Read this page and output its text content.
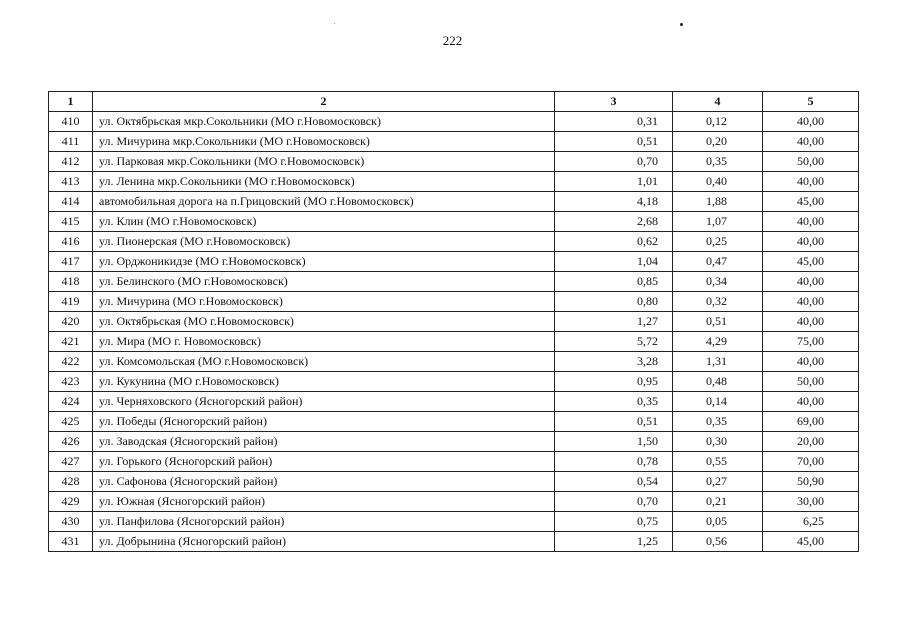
222
1	2	3	4	5
410	ул. Октябрьская мкр.Сокольники (МО г.Новомосковск)	0,31	0,12	40,00
411	ул. Мичурина мкр.Сокольники (МО г.Новомосковск)	0,51	0,20	40,00
412	ул. Парковая мкр.Сокольники (МО г.Новомосковск)	0,70	0,35	50,00
413	ул. Ленина мкр.Сокольники (МО г.Новомосковск)	1,01	0,40	40,00
414	автомобильная дорога на п.Грицовский (МО г.Новомосковск)	4,18	1,88	45,00
415	ул. Клин (МО г.Новомосковск)	2,68	1,07	40,00
416	ул. Пионерская (МО г.Новомосковск)	0,62	0,25	40,00
417	ул. Орджоникидзе (МО г.Новомосковск)	1,04	0,47	45,00
418	ул. Белинского (МО г.Новомосковск)	0,85	0,34	40,00
419	ул. Мичурина (МО г.Новомосковск)	0,80	0,32	40,00
420	ул. Октябрьская (МО г.Новомосковск)	1,27	0,51	40,00
421	ул. Мира (МО г. Новомосковск)	5,72	4,29	75,00
422	ул. Комсомольская (МО г.Новомосковск)	3,28	1,31	40,00
423	ул. Кукунина (МО г.Новомосковск)	0,95	0,48	50,00
424	ул. Черняховского (Ясногорский район)	0,35	0,14	40,00
425	ул. Победы (Ясногорский район)	0,51	0,35	69,00
426	ул. Заводская (Ясногорский район)	1,50	0,30	20,00
427	ул. Горького (Ясногорский район)	0,78	0,55	70,00
428	ул. Сафонова (Ясногорский район)	0,54	0,27	50,90
429	ул. Южная (Ясногорский район)	0,70	0,21	30,00
430	ул. Панфилова (Ясногорский район)	0,75	0,05	6,25
431	ул. Добрынина (Ясногорский район)	1,25	0,56	45,00
